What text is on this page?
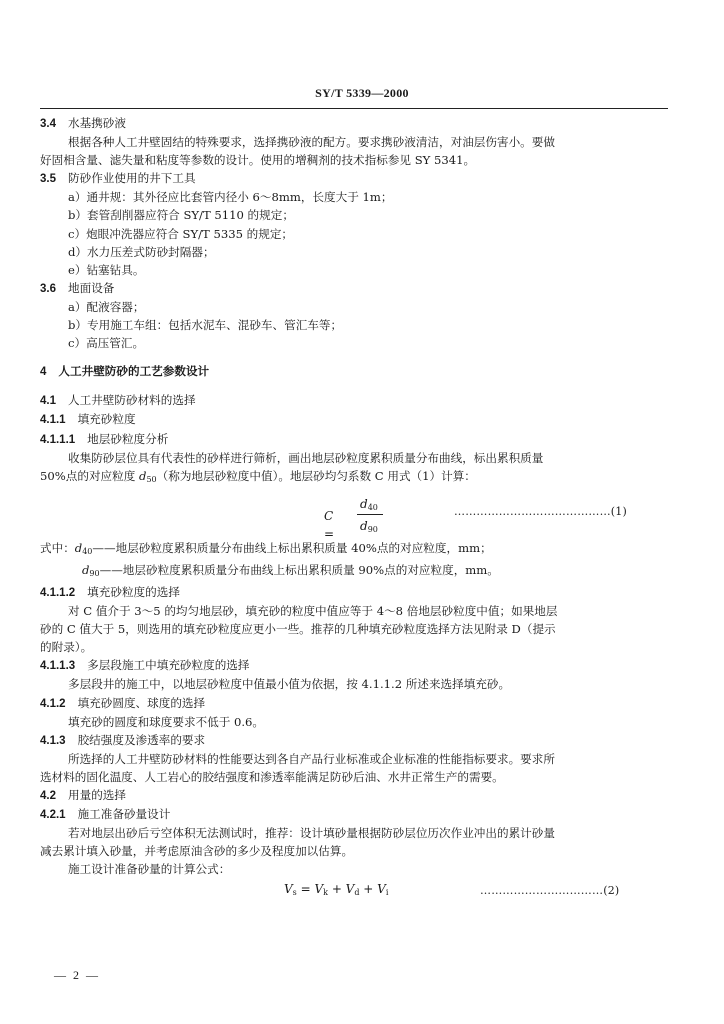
SY/T 5339—2000
3.4 水基携砂液
根据各种人工井壁固结的特殊要求，选择携砂液的配方。要求携砂液清洁，对油层伤害小。要做
好固相含量、滤失量和粘度等参数的设计。使用的增稠剂的技术指标参见 SY 5341。
3.5 防砂作业使用的井下工具
a）通井规：其外径应比套管内径小 6～8mm，长度大于 1m；
b）套管刮削器应符合 SY/T 5110 的规定；
c）炮眼冲洗器应符合 SY/T 5335 的规定；
d）水力压差式防砂封隔器；
e）钻塞钻具。
3.6 地面设备
a）配液容器；
b）专用施工车组：包括水泥车、混砂车、管汇车等；
c）高压管汇。
4 人工井壁防砂的工艺参数设计
4.1 人工井壁防砂材料的选择
4.1.1 填充砂粒度
4.1.1.1 地层砂粒度分析
收集防砂层位具有代表性的砂样进行筛析，画出地层砂粒度累积质量分布曲线，标出累积质量
50%点的对应粒度 $d_{50}$（称为地层砂粒度中值）。地层砂均匀系数 C 用式（1）计算：
C =
$d_{40}$
$d_{90}$
……………………………………(1)
式中：$d_{40}——$地层砂粒度累积质量分布曲线上标出累积质量 40%点的对应粒度，mm；
$d_{90}——$地层砂粒度累积质量分布曲线上标出累积质量 90%点的对应粒度，mm。
4.1.1.2 填充砂粒度的选择
对 C 值介于 3～5 的均匀地层砂，填充砂的粒度中值应等于 4～8 倍地层砂粒度中值；如果地层
砂的 C 值大于 5，则选用的填充砂粒度应更小一些。推荐的几种填充砂粒度选择方法见附录 D（提示
的附录）。
4.1.1.3 多层段施工中填充砂粒度的选择
多层段井的施工中，以地层砂粒度中值最小值为依据，按 4.1.1.2 所述来选择填充砂。
4.1.2 填充砂圆度、球度的选择
填充砂的圆度和球度要求不低于 0.6。
4.1.3 胶结强度及渗透率的要求
所选择的人工井壁防砂材料的性能要达到各自产品行业标准或企业标准的性能指标要求。要求所
选材料的固化温度、人工岩心的胶结强度和渗透率能满足防砂后油、水井正常生产的需要。
4.2 用量的选择
4.2.1 施工准备砂量设计
若对地层出砂后亏空体积无法测试时，推荐：设计填砂量根据防砂层位历次作业冲出的累计砂量
减去累计填入砂量，并考虑原油含砂的多少及程度加以估算。
施工设计准备砂量的计算公式：
$V_s = V_k + V_d + V_i$	……………………………(2)
— 2 —
